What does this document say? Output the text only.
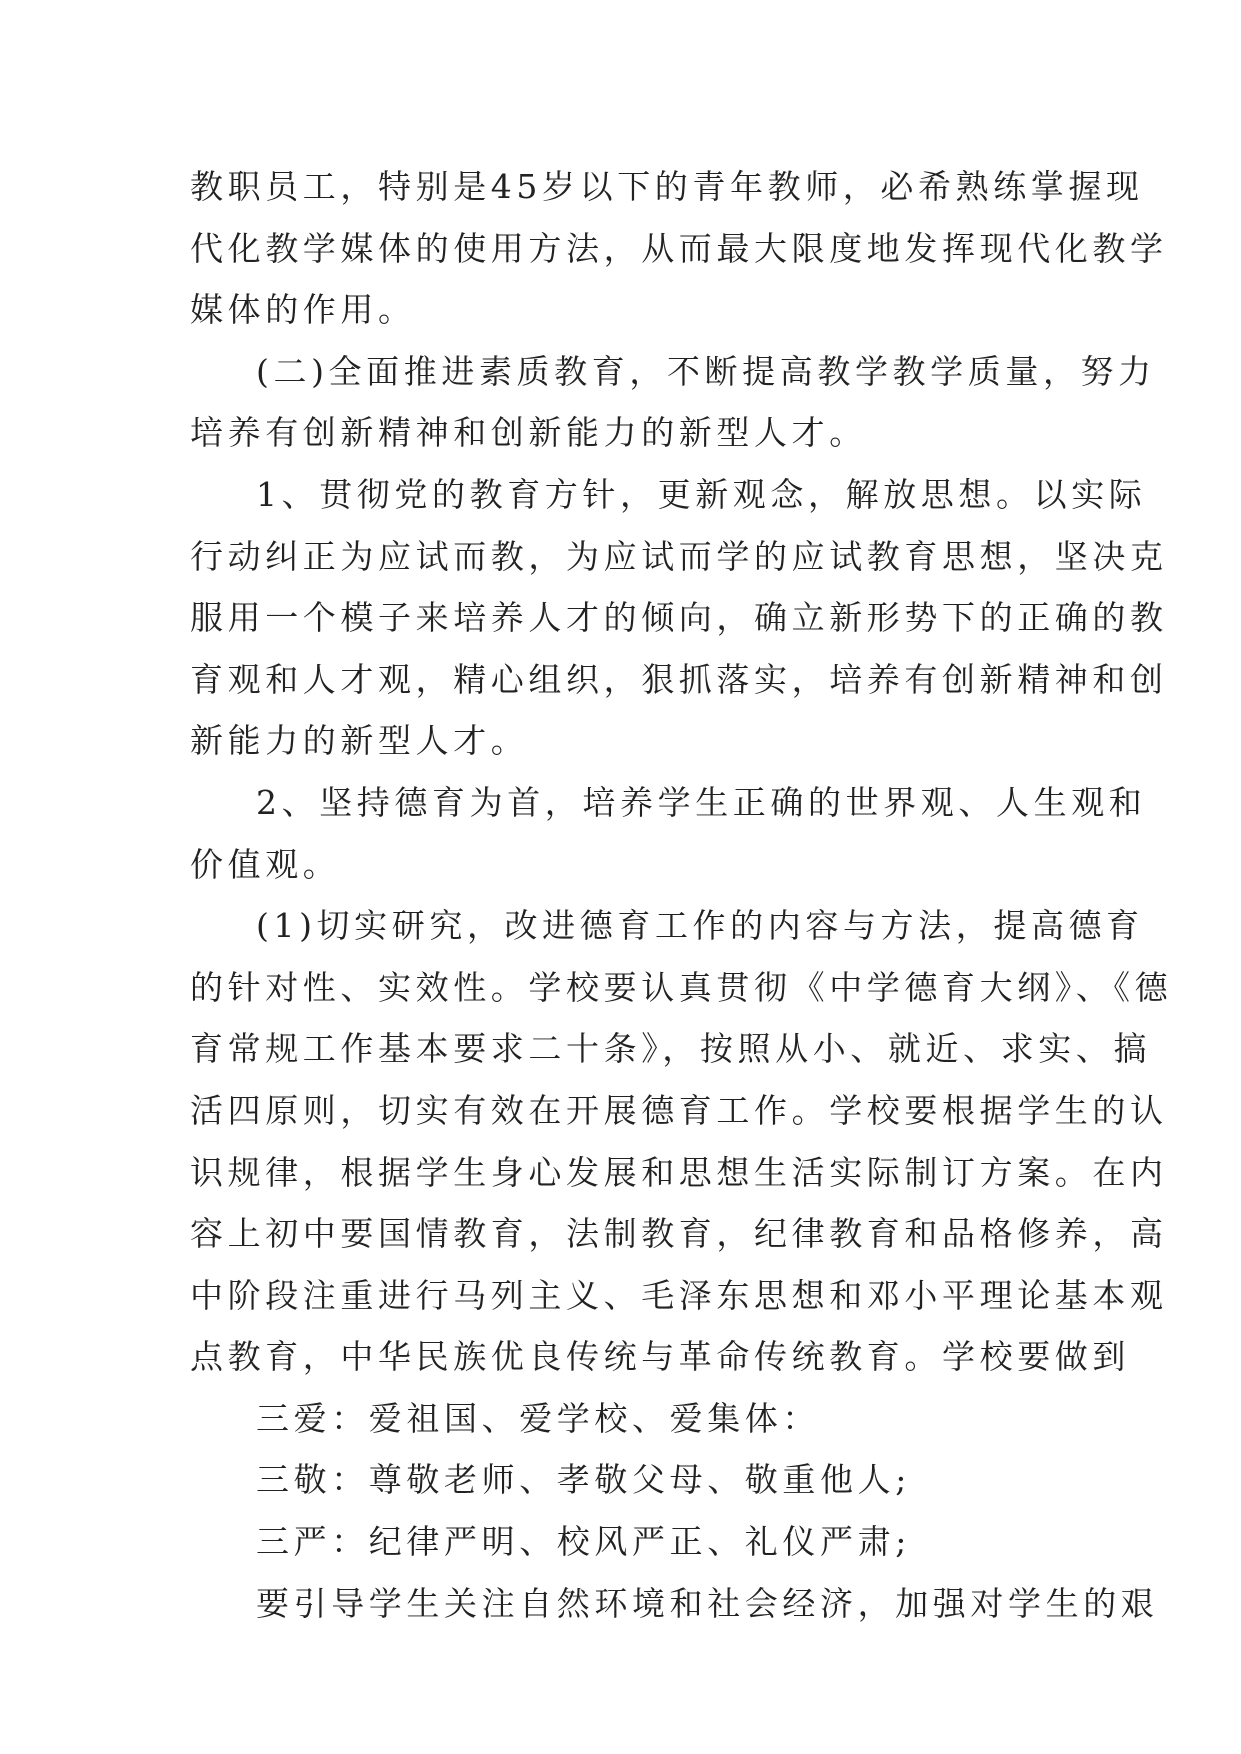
教职员工，特别是45岁以下的青年教师，必希熟练掌握现
代化教学媒体的使用方法，从而最大限度地发挥现代化教学
媒体的作用。
(二)全面推进素质教育，不断提高教学教学质量，努力
培养有创新精神和创新能力的新型人才。
1、贯彻党的教育方针，更新观念，解放思想。以实际
行动纠正为应试而教，为应试而学的应试教育思想，坚决克
服用一个模子来培养人才的倾向，确立新形势下的正确的教
育观和人才观，精心组织，狠抓落实，培养有创新精神和创
新能力的新型人才。
2、坚持德育为首，培养学生正确的世界观、人生观和
价值观。
(1)切实研究，改进德育工作的内容与方法，提高德育
的针对性、实效性。学校要认真贯彻《中学德育大纲》、《德
育常规工作基本要求二十条》，按照从小、就近、求实、搞
活四原则，切实有效在开展德育工作。学校要根据学生的认
识规律，根据学生身心发展和思想生活实际制订方案。在内
容上初中要国情教育，法制教育，纪律教育和品格修养，高
中阶段注重进行马列主义、毛泽东思想和邓小平理论基本观
点教育，中华民族优良传统与革命传统教育。学校要做到
三爱：爱祖国、爱学校、爱集体：
三敬：尊敬老师、孝敬父母、敬重他人;
三严：纪律严明、校风严正、礼仪严肃;
要引导学生关注自然环境和社会经济，加强对学生的艰
